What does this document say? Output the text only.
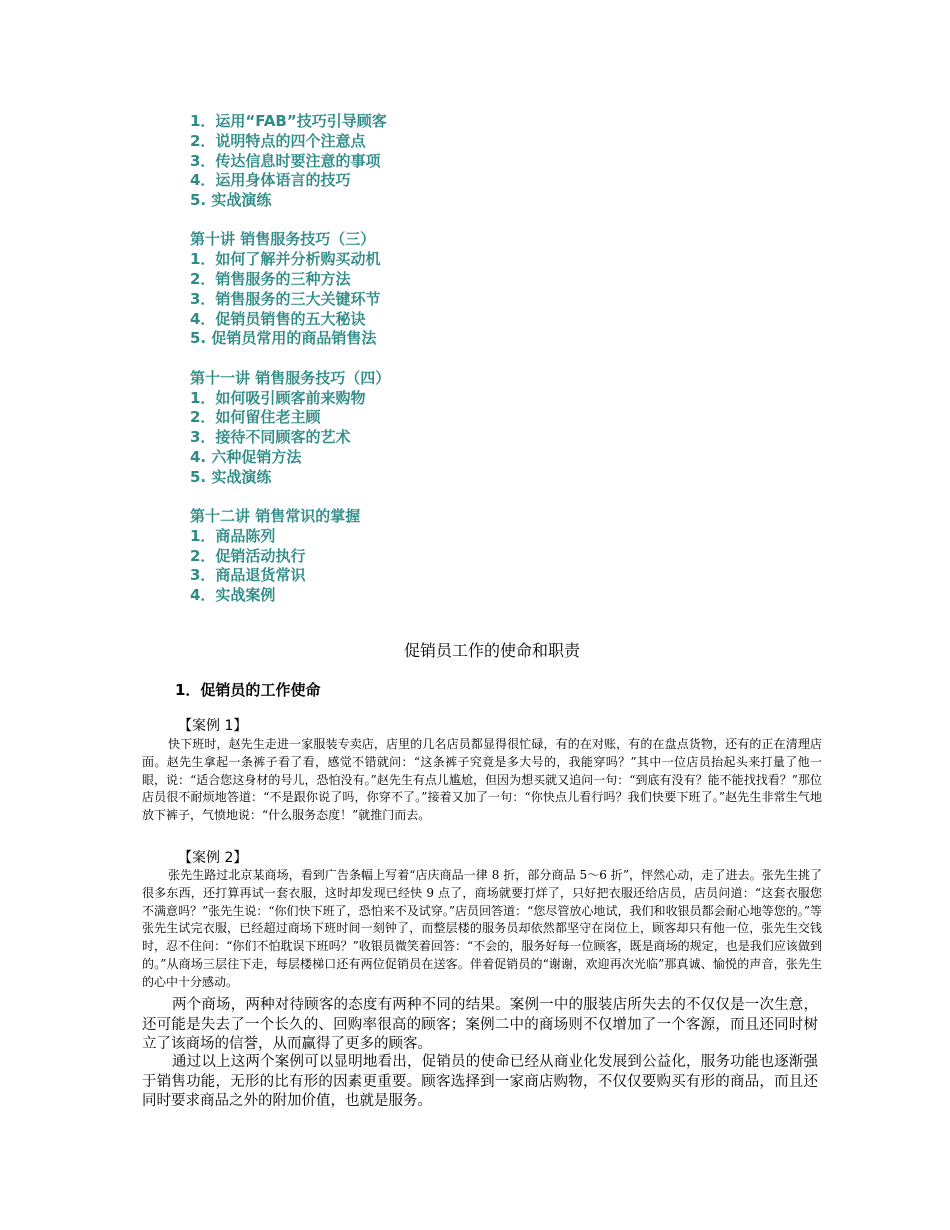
1．运用“FAB”技巧引导顾客
2．说明特点的四个注意点
3．传达信息时要注意的事项
4．运用身体语言的技巧
5. 实战演练
第十讲 销售服务技巧（三）
1．如何了解并分析购买动机
2．销售服务的三种方法
3．销售服务的三大关键环节
4．促销员销售的五大秘诀
5. 促销员常用的商品销售法
第十一讲 销售服务技巧（四）
1．如何吸引顾客前来购物
2．如何留住老主顾
3．接待不同顾客的艺术
4. 六种促销方法
5. 实战演练
第十二讲 销售常识的掌握
1．商品陈列
2．促销活动执行
3．商品退货常识
4．实战案例
促销员工作的使命和职责
1．促销员的工作使命
【案例 1】

快下班时，赵先生走进一家服装专卖店，店里的几名店员都显得很忙碌，有的在对账，有的在盘点货物，还有的正在清理店面。赵先生拿起一条裤子看了看，感觉不错就问：“这条裤子究竟是多大号的，我能穿吗？”其中一位店员抬起头来打量了他一眼，说：“适合您这身材的号儿，恐怕没有。”赵先生有点儿尴尬，但因为想买就又追问一句：“到底有没有？能不能找找看？”那位店员很不耐烦地答道：“不是跟你说了吗，你穿不了。”接着又加了一句：“你快点儿看行吗？我们快要下班了。”赵先生非常生气地放下裤子，气愤地说：“什么服务态度！”就推门而去。

【案例 2】

张先生路过北京某商场，看到广告条幅上写着“店庆商品一律 8 折，部分商品 5～6 折”，怦然心动，走了进去。张先生挑了很多东西，还打算再试一套衣服，这时却发现已经快 9 点了，商场就要打烊了，只好把衣服还给店员，店员问道：“这套衣服您不满意吗？”张先生说：“你们快下班了，恐怕来不及试穿。”店员回答道：“您尽管放心地试，我们和收银员都会耐心地等您的。”等张先生试完衣服，已经超过商场下班时间一刻钟了，而整层楼的服务员却依然都坚守在岗位上，顾客却只有他一位，张先生交钱时，忍不住问：“你们不怕耽误下班吗？”收银员微笑着回答：“不会的，服务好每一位顾客，既是商场的规定，也是我们应该做到的。”从商场三层往下走，每层楼梯口还有两位促销员在送客。伴着促销员的“谢谢，欢迎再次光临”那真诚、愉悦的声音，张先生的心中十分感动。

两个商场，两种对待顾客的态度有两种不同的结果。案例一中的服装店所失去的不仅仅是一次生意，还可能是失去了一个长久的、回购率很高的顾客；案例二中的商场则不仅增加了一个客源，而且还同时树立了该商场的信誉，从而赢得了更多的顾客。

通过以上这两个案例可以显明地看出，促销员的使命已经从商业化发展到公益化，服务功能也逐渐强于销售功能，无形的比有形的因素更重要。顾客选择到一家商店购物，不仅仅要购买有形的商品，而且还同时要求商品之外的附加价值，也就是服务。
